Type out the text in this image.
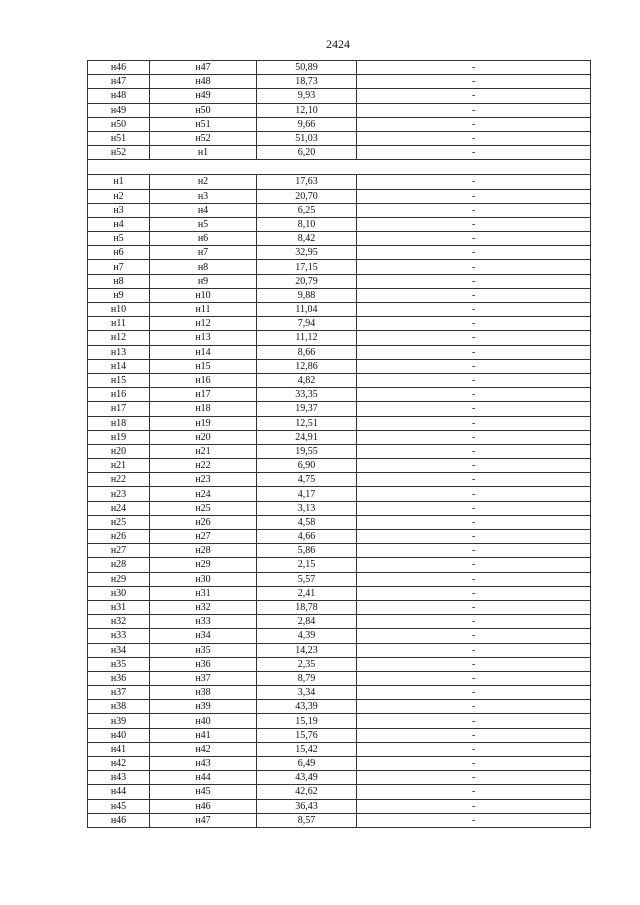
2424
н46	н47	50,89	-
н47	н48	18,73	-
н48	н49	9,93	-
н49	н50	12,10	-
н50	н51	9,66	-
н51	н52	51,03	-
н52	н1	6,20	-

н1	н2	17,63	-
н2	н3	20,70	-
н3	н4	6,25	-
н4	н5	8,10	-
н5	н6	8,42	-
н6	н7	32,95	-
н7	н8	17,15	-
н8	н9	20,79	-
н9	н10	9,88	-
н10	н11	11,04	-
н11	н12	7,94	-
н12	н13	11,12	-
н13	н14	8,66	-
н14	н15	12,86	-
н15	н16	4,82	-
н16	н17	33,35	-
н17	н18	19,37	-
н18	н19	12,51	-
н19	н20	24,91	-
н20	н21	19,55	-
н21	н22	6,90	-
н22	н23	4,75	-
н23	н24	4,17	-
н24	н25	3,13	-
н25	н26	4,58	-
н26	н27	4,66	-
н27	н28	5,86	-
н28	н29	2,15	-
н29	н30	5,57	-
н30	н31	2,41	-
н31	н32	18,78	-
н32	н33	2,84	-
н33	н34	4,39	-
н34	н35	14,23	-
н35	н36	2,35	-
н36	н37	8,79	-
н37	н38	3,34	-
н38	н39	43,39	-
н39	н40	15,19	-
н40	н41	15,76	-
н41	н42	15,42	-
н42	н43	6,49	-
н43	н44	43,49	-
н44	н45	42,62	-
н45	н46	36,43	-
н46	н47	8,57	-
